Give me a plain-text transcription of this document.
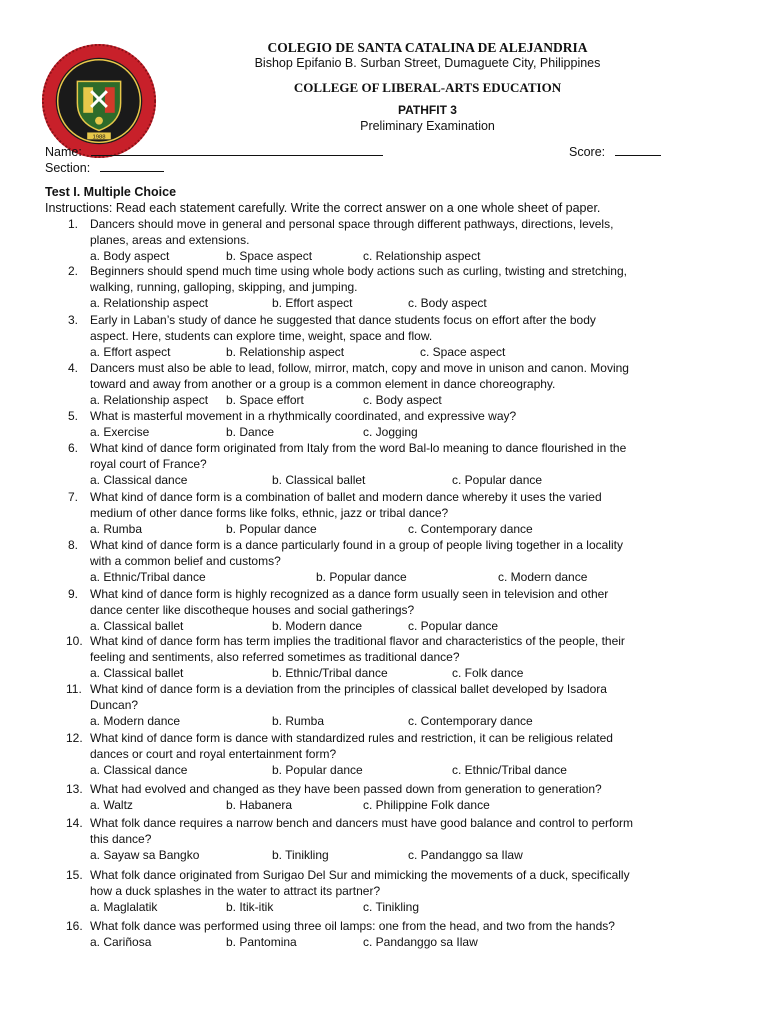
1988
COLEGIO DE SANTA CATALINA DE ALEJANDRIA
Bishop Epifanio B. Surban Street, Dumaguete City, Philippines
COLLEGE OF LIBERAL-ARTS EDUCATION
PATHFIT 3
Preliminary Examination
Name:	Score:
Section:
Test I. Multiple Choice
Instructions: Read each statement carefully. Write the correct answer on a one whole sheet of paper.
1. Dancers should move in general and personal space through different pathways, directions, levels,
planes, areas and extensions.
a. Body aspect	b. Space aspect	c. Relationship aspect
2. Beginners should spend much time using whole body actions such as curling, twisting and stretching,
walking, running, galloping, skipping, and jumping.
a. Relationship aspect	b. Effort aspect	c. Body aspect
3. Early in Laban’s study of dance he suggested that dance students focus on effort after the body
aspect. Here, students can explore time, weight, space and flow.
a. Effort aspect	b. Relationship aspect	c. Space aspect
4. Dancers must also be able to lead, follow, mirror, match, copy and move in unison and canon. Moving
toward and away from another or a group is a common element in dance choreography.
a. Relationship aspect b. Space effort	c. Body aspect
5. What is masterful movement in a rhythmically coordinated, and expressive way?
a. Exercise	b. Dance	c. Jogging
6. What kind of dance form originated from Italy from the word Bal-lo meaning to dance flourished in the
royal court of France?
a. Classical dance	b. Classical ballet	c. Popular dance
7. What kind of dance form is a combination of ballet and modern dance whereby it uses the varied
medium of other dance forms like folks, ethnic, jazz or tribal dance?
a. Rumba	b. Popular dance	c. Contemporary dance
8. What kind of dance form is a dance particularly found in a group of people living together in a locality
with a common belief and customs?
a. Ethnic/Tribal dance	b. Popular dance	c. Modern dance
9. What kind of dance form is highly recognized as a dance form usually seen in television and other
dance center like discotheque houses and social gatherings?
a. Classical ballet	b. Modern dance	c. Popular dance
10. What kind of dance form has term implies the traditional flavor and characteristics of the people, their
feeling and sentiments, also referred sometimes as traditional dance?
a. Classical ballet	b. Ethnic/Tribal dance	c. Folk dance
11. What kind of dance form is a deviation from the principles of classical ballet developed by Isadora
Duncan?
a. Modern dance	b. Rumba	c. Contemporary dance
12. What kind of dance form is dance with standardized rules and restriction, it can be religious related
dances or court and royal entertainment form?
a. Classical dance	b. Popular dance	c. Ethnic/Tribal dance
13. What had evolved and changed as they have been passed down from generation to generation?
a. Waltz	b. Habanera	c. Philippine Folk dance
14. What folk dance requires a narrow bench and dancers must have good balance and control to perform
this dance?
a. Sayaw sa Bangko	b. Tinikling	c. Pandanggo sa Ilaw
15. What folk dance originated from Surigao Del Sur and mimicking the movements of a duck, specifically
how a duck splashes in the water to attract its partner?
a. Maglalatik	b. Itik-itik	c. Tinikling
16. What folk dance was performed using three oil lamps: one from the head, and two from the hands?
a. Cariñosa	b. Pantomina	c. Pandanggo sa Ilaw
